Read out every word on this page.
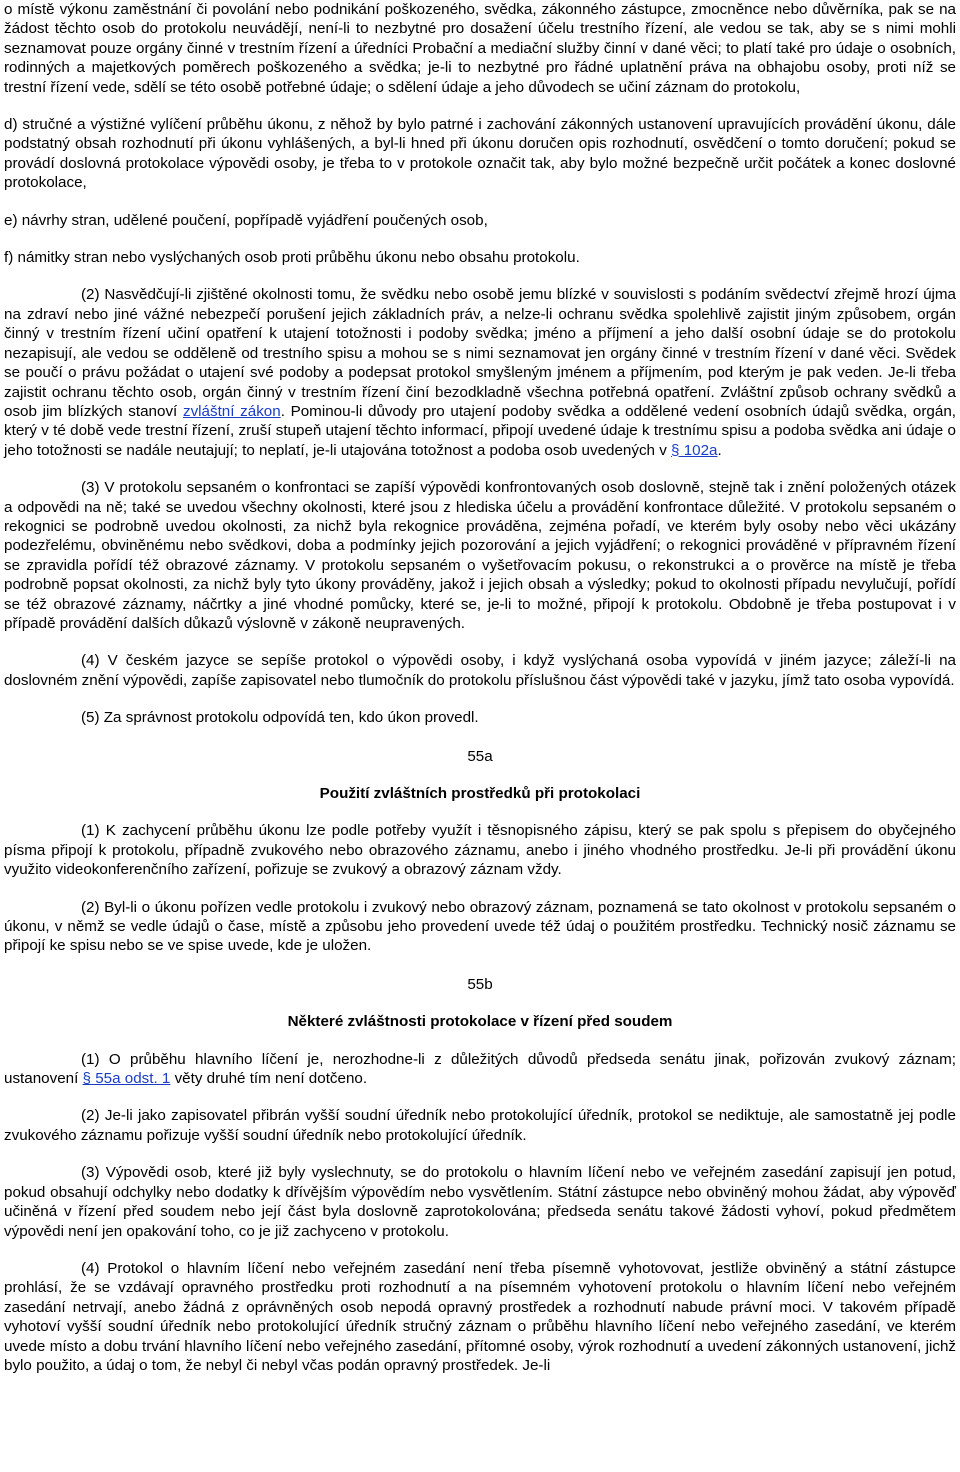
o místě výkonu zaměstnání či povolání nebo podnikání poškozeného, svědka, zákonného zástupce, zmocněnce nebo důvěrníka, pak se na žádost těchto osob do protokolu neuvádějí, není-li to nezbytné pro dosažení účelu trestního řízení, ale vedou se tak, aby se s nimi mohli seznamovat pouze orgány činné v trestním řízení a úředníci Probační a mediační služby činní v dané věci; to platí také pro údaje o osobních, rodinných a majetkových poměrech poškozeného a svědka; je-li to nezbytné pro řádné uplatnění práva na obhajobu osoby, proti níž se trestní řízení vede, sdělí se této osobě potřebné údaje; o sdělení údaje a jeho důvodech se učiní záznam do protokolu,

d) stručné a výstižné vylíčení průběhu úkonu, z něhož by bylo patrné i zachování zákonných ustanovení upravujících provádění úkonu, dále podstatný obsah rozhodnutí při úkonu vyhlášených, a byl-li hned při úkonu doručen opis rozhodnutí, osvědčení o tomto doručení; pokud se provádí doslovná protokolace výpovědi osoby, je třeba to v protokole označit tak, aby bylo možné bezpečně určit počátek a konec doslovné protokolace,

e) návrhy stran, udělené poučení, popřípadě vyjádření poučených osob,

f) námitky stran nebo vyslýchaných osob proti průběhu úkonu nebo obsahu protokolu.

(2) Nasvědčují-li zjištěné okolnosti tomu, že svědku nebo osobě jemu blízké v souvislosti s podáním svědectví zřejmě hrozí újma na zdraví nebo jiné vážné nebezpečí porušení jejich základních práv, a nelze-li ochranu svědka spolehlivě zajistit jiným způsobem, orgán činný v trestním řízení učiní opatření k utajení totožnosti i podoby svědka; jméno a příjmení a jeho další osobní údaje se do protokolu nezapisují, ale vedou se odděleně od trestního spisu a mohou se s nimi seznamovat jen orgány činné v trestním řízení v dané věci. Svědek se poučí o právu požádat o utajení své podoby a podepsat protokol smyšleným jménem a příjmením, pod kterým je pak veden. Je-li třeba zajistit ochranu těchto osob, orgán činný v trestním řízení činí bezodkladně všechna potřebná opatření. Zvláštní způsob ochrany svědků a osob jim blízkých stanoví zvláštní zákon. Pominou-li důvody pro utajení podoby svědka a oddělené vedení osobních údajů svědka, orgán, který v té době vede trestní řízení, zruší stupeň utajení těchto informací, připojí uvedené údaje k trestnímu spisu a podoba svědka ani údaje o jeho totožnosti se nadále neutajují; to neplatí, je-li utajována totožnost a podoba osob uvedených v § 102a.

(3) V protokolu sepsaném o konfrontaci se zapíší výpovědi konfrontovaných osob doslovně, stejně tak i znění položených otázek a odpovědi na ně; také se uvedou všechny okolnosti, které jsou z hlediska účelu a provádění konfrontace důležité. V protokolu sepsaném o rekognici se podrobně uvedou okolnosti, za nichž byla rekognice prováděna, zejména pořadí, ve kterém byly osoby nebo věci ukázány podezřelému, obviněnému nebo svědkovi, doba a podmínky jejich pozorování a jejich vyjádření; o rekognici prováděné v přípravném řízení se zpravidla pořídí též obrazové záznamy. V protokolu sepsaném o vyšetřovacím pokusu, o rekonstrukci a o prověrce na místě je třeba podrobně popsat okolnosti, za nichž byly tyto úkony prováděny, jakož i jejich obsah a výsledky; pokud to okolnosti případu nevylučují, pořídí se též obrazové záznamy, náčrtky a jiné vhodné pomůcky, které se, je-li to možné, připojí k protokolu. Obdobně je třeba postupovat i v případě provádění dalších důkazů výslovně v zákoně neupravených.

(4) V českém jazyce se sepíše protokol o výpovědi osoby, i když vyslýchaná osoba vypovídá v jiném jazyce; záleží-li na doslovném znění výpovědi, zapíše zapisovatel nebo tlumočník do protokolu příslušnou část výpovědi také v jazyku, jímž tato osoba vypovídá.

(5) Za správnost protokolu odpovídá ten, kdo úkon provedl.

55a

Použití zvláštních prostředků při protokolaci

(1) K zachycení průběhu úkonu lze podle potřeby využít i těsnopisného zápisu, který se pak spolu s přepisem do obyčejného písma připojí k protokolu, případně zvukového nebo obrazového záznamu, anebo i jiného vhodného prostředku. Je-li při provádění úkonu využito videokonferenčního zařízení, pořizuje se zvukový a obrazový záznam vždy.

(2) Byl-li o úkonu pořízen vedle protokolu i zvukový nebo obrazový záznam, poznamená se tato okolnost v protokolu sepsaném o úkonu, v němž se vedle údajů o čase, místě a způsobu jeho provedení uvede též údaj o použitém prostředku. Technický nosič záznamu se připojí ke spisu nebo se ve spise uvede, kde je uložen.

55b

Některé zvláštnosti protokolace v řízení před soudem

(1) O průběhu hlavního líčení je, nerozhodne-li z důležitých důvodů předseda senátu jinak, pořizován zvukový záznam; ustanovení § 55a odst. 1 věty druhé tím není dotčeno.

(2) Je-li jako zapisovatel přibrán vyšší soudní úředník nebo protokolující úředník, protokol se nediktuje, ale samostatně jej podle zvukového záznamu pořizuje vyšší soudní úředník nebo protokolující úředník.

(3) Výpovědi osob, které již byly vyslechnuty, se do protokolu o hlavním líčení nebo ve veřejném zasedání zapisují jen potud, pokud obsahují odchylky nebo dodatky k dřívějším výpovědím nebo vysvětlením. Státní zástupce nebo obviněný mohou žádat, aby výpověď učiněná v řízení před soudem nebo její část byla doslovně zaprotokolována; předseda senátu takové žádosti vyhoví, pokud předmětem výpovědi není jen opakování toho, co je již zachyceno v protokolu.

(4) Protokol o hlavním líčení nebo veřejném zasedání není třeba písemně vyhotovovat, jestliže obviněný a státní zástupce prohlásí, že se vzdávají opravného prostředku proti rozhodnutí a na písemném vyhotovení protokolu o hlavním líčení nebo veřejném zasedání netrvají, anebo žádná z oprávněných osob nepodá opravný prostředek a rozhodnutí nabude právní moci. V takovém případě vyhotoví vyšší soudní úředník nebo protokolující úředník stručný záznam o průběhu hlavního líčení nebo veřejného zasedání, ve kterém uvede místo a dobu trvání hlavního líčení nebo veřejného zasedání, přítomné osoby, výrok rozhodnutí a uvedení zákonných ustanovení, jichž bylo použito, a údaj o tom, že nebyl či nebyl včas podán opravný prostředek. Je-li
